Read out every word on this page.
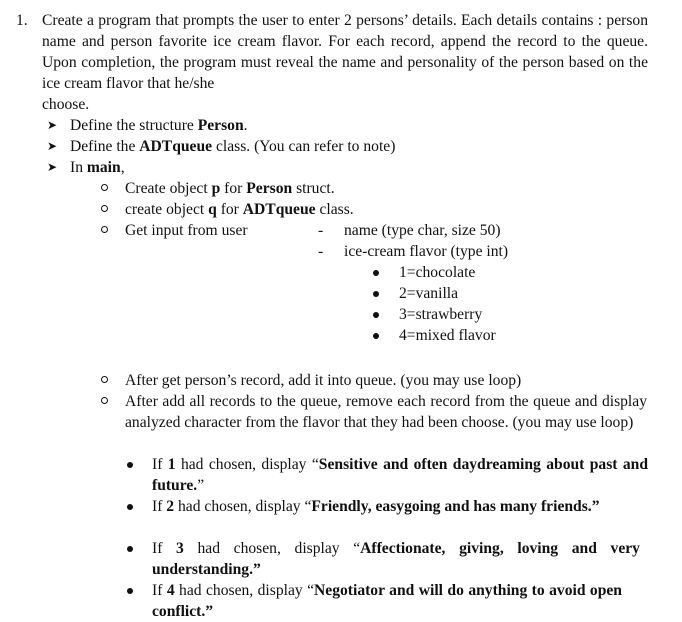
1. Create a program that prompts the user to enter 2 persons’ details. Each details contains : person name and person favorite ice cream flavor. For each record, append the record to the queue. Upon completion, the program must reveal the name and personality of the person based on the ice cream flavor that he/she
choose.

➤ Define the structure Person.
➤ Define the ADTqueue class. (You can refer to note)
➤ In main,
Create object p for Person struct.
create object q for ADTqueue class.
Get input from user	- name (type char, size 50)
- ice-cream flavor (type int)
1=chocolate
2=vanilla
3=strawberry
4=mixed flavor
After get person’s record, add it into queue. (you may use loop)

After add all records to the queue, remove each record from the queue and display analyzed character from the flavor that they had been choose. (you may use loop)

If 1 had chosen, display “Sensitive and often daydreaming about past and future.”

If 2 had chosen, display “Friendly, easygoing and has many friends.”

If 3 had chosen, display “Affectionate, giving, loving and very understanding.”

If 4 had chosen, display “Negotiator and will do anything to avoid open conflict.”
